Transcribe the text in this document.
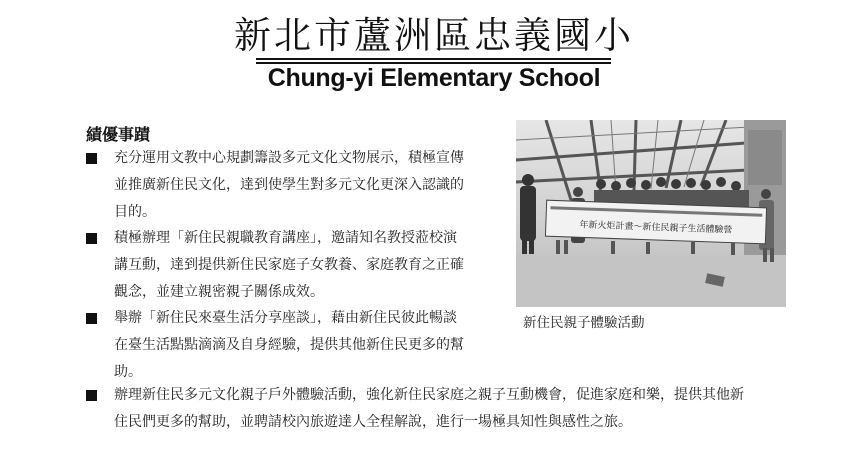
新北市蘆洲區忠義國小
Chung-yi Elementary School
績優事蹟
充分運用文教中心規劃籌設多元文化文物展示，積極宣傳
並推廣新住民文化，達到使學生對多元文化更深入認識的
目的。
積極辦理「新住民親職教育講座」，邀請知名教授蒞校演
講互動，達到提供新住民家庭子女教養、家庭教育之正確
觀念，並建立親密親子關係成效。
舉辦「新住民來臺生活分享座談」，藉由新住民彼此暢談
在臺生活點點滴滴及自身經驗，提供其他新住民更多的幫
助。
辦理新住民多元文化親子戶外體驗活動，強化新住民家庭之親子互動機會，促進家庭和樂，提供其他新
住民們更多的幫助，並聘請校內旅遊達人全程解說，進行一場極具知性與感性之旅。
年新火炬計畫～新住民親子生活體驗營
新住民親子體驗活動
